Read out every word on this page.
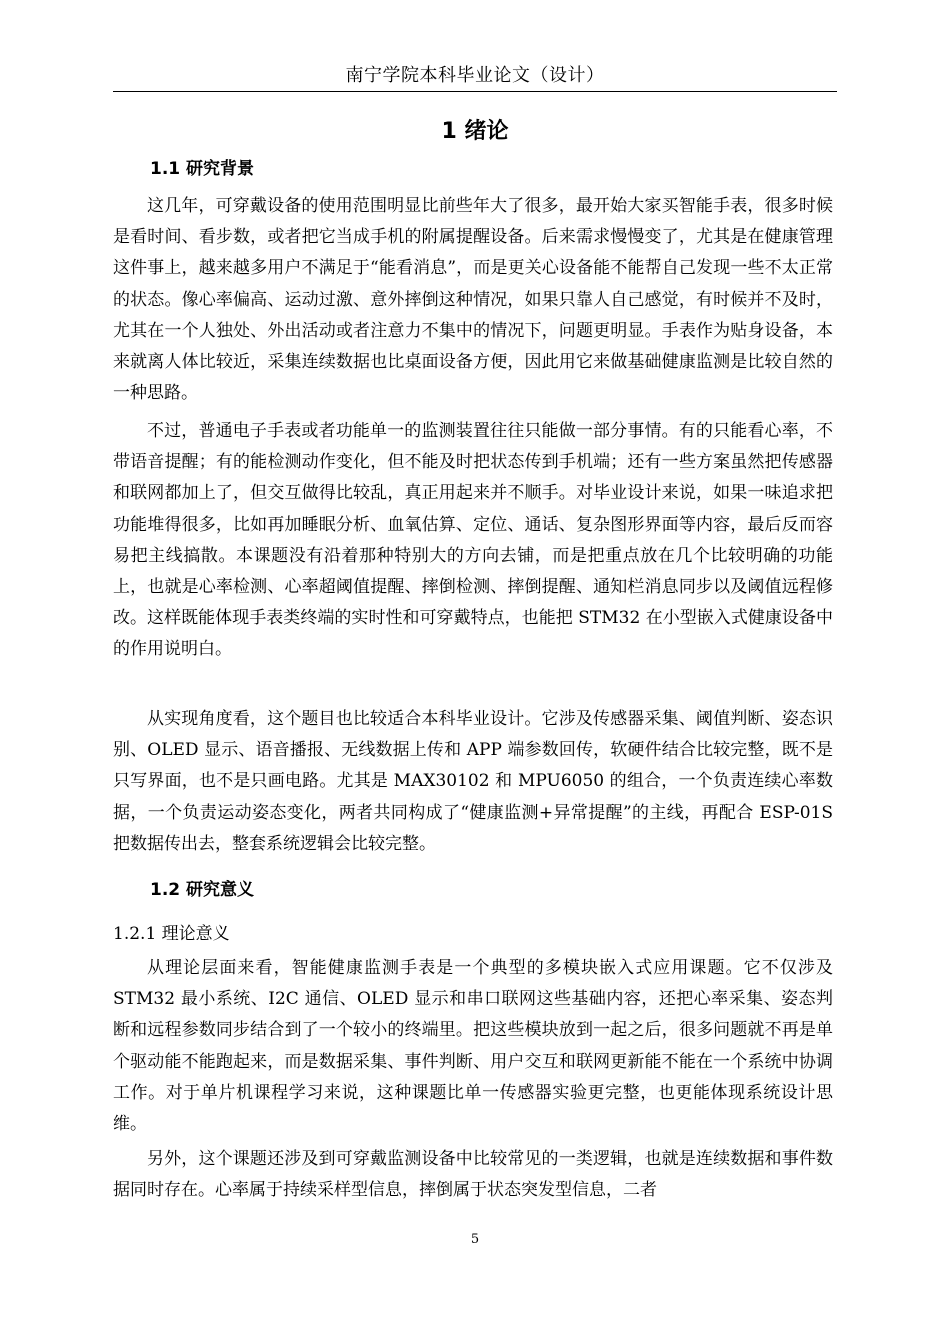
南宁学院本科毕业论文（设计）
1 绪论
1.1 研究背景

这几年，可穿戴设备的使用范围明显比前些年大了很多，最开始大家买智能手表，很多时候是看时间、看步数，或者把它当成手机的附属提醒设备。后来需求慢慢变了，尤其是在健康管理这件事上，越来越多用户不满足于“能看消息”，而是更关心设备能不能帮自己发现一些不太正常的状态。像心率偏高、运动过激、意外摔倒这种情况，如果只靠人自己感觉，有时候并不及时，尤其在一个人独处、外出活动或者注意力不集中的情况下，问题更明显。手表作为贴身设备，本来就离人体比较近，采集连续数据也比桌面设备方便，因此用它来做基础健康监测是比较自然的一种思路。

不过，普通电子手表或者功能单一的监测装置往往只能做一部分事情。有的只能看心率，不带语音提醒；有的能检测动作变化，但不能及时把状态传到手机端；还有一些方案虽然把传感器和联网都加上了，但交互做得比较乱，真正用起来并不顺手。对毕业设计来说，如果一味追求把功能堆得很多，比如再加睡眠分析、血氧估算、定位、通话、复杂图形界面等内容，最后反而容易把主线搞散。本课题没有沿着那种特别大的方向去铺，而是把重点放在几个比较明确的功能上，也就是心率检测、心率超阈值提醒、摔倒检测、摔倒提醒、通知栏消息同步以及阈值远程修改。这样既能体现手表类终端的实时性和可穿戴特点，也能把 STM32 在小型嵌入式健康设备中的作用说明白。

从实现角度看，这个题目也比较适合本科毕业设计。它涉及传感器采集、阈值判断、姿态识别、OLED 显示、语音播报、无线数据上传和 APP 端参数回传，软硬件结合比较完整，既不是只写界面，也不是只画电路。尤其是 MAX30102 和 MPU6050 的组合，一个负责连续心率数据，一个负责运动姿态变化，两者共同构成了“健康监测+异常提醒”的主线，再配合 ESP-01S 把数据传出去，整套系统逻辑会比较完整。

1.2 研究意义
1.2.1 理论意义

从理论层面来看，智能健康监测手表是一个典型的多模块嵌入式应用课题。它不仅涉及 STM32 最小系统、I2C 通信、OLED 显示和串口联网这些基础内容，还把心率采集、姿态判断和远程参数同步结合到了一个较小的终端里。把这些模块放到一起之后，很多问题就不再是单个驱动能不能跑起来，而是数据采集、事件判断、用户交互和联网更新能不能在一个系统中协调工作。对于单片机课程学习来说，这种课题比单一传感器实验更完整，也更能体现系统设计思维。

另外，这个课题还涉及到可穿戴监测设备中比较常见的一类逻辑，也就是连续数据和事件数据同时存在。心率属于持续采样型信息，摔倒属于状态突发型信息，二者

5
